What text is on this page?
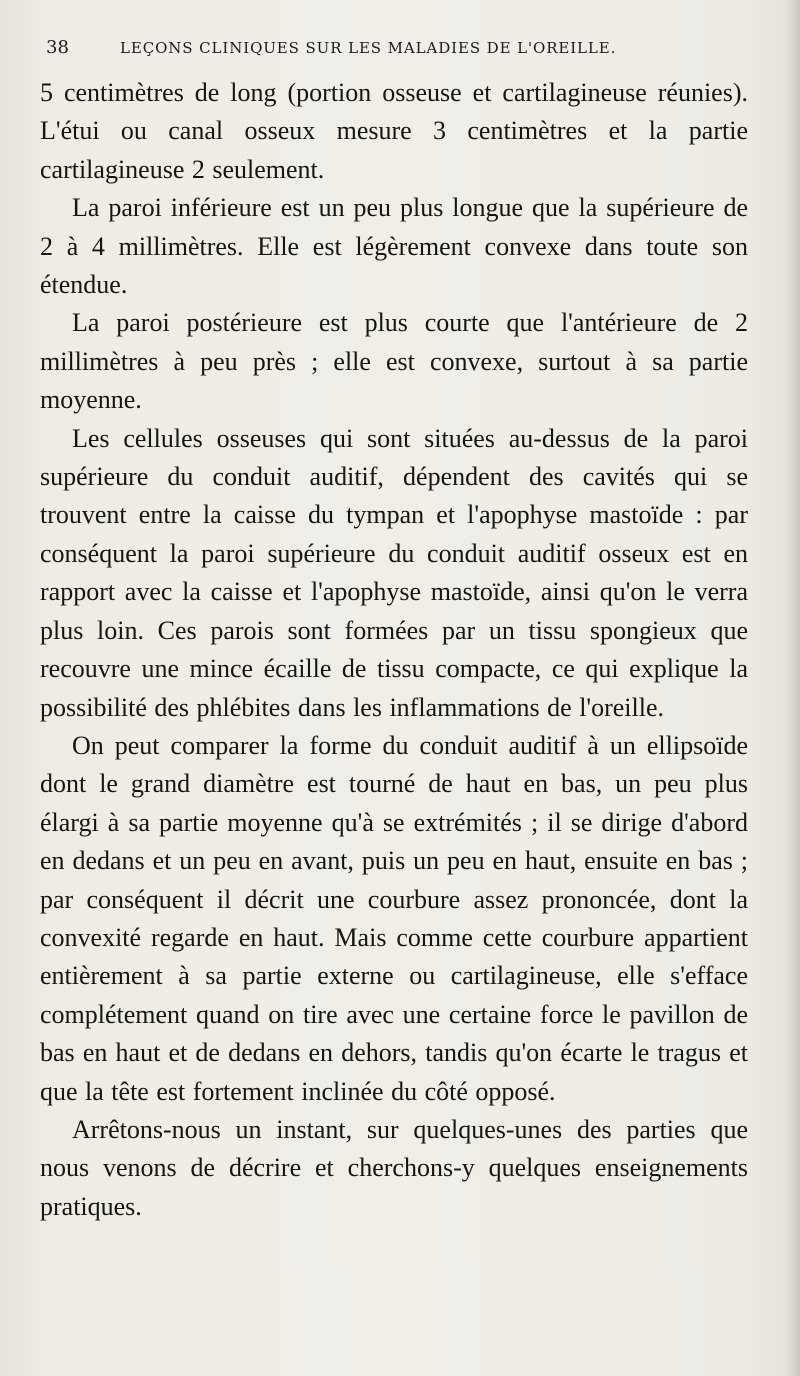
38	LEÇONS CLINIQUES SUR LES MALADIES DE L'OREILLE.

5 centimètres de long (portion osseuse et cartilagineuse réunies). L'étui ou canal osseux mesure 3 centimètres et la partie cartilagineuse 2 seulement.

La paroi inférieure est un peu plus longue que la supérieure de 2 à 4 millimètres. Elle est légèrement convexe dans toute son étendue.

La paroi postérieure est plus courte que l'antérieure de 2 millimètres à peu près ; elle est convexe, surtout à sa partie moyenne.

Les cellules osseuses qui sont situées au-dessus de la paroi supérieure du conduit auditif, dépendent des cavités qui se trouvent entre la caisse du tympan et l'apophyse mastoïde : par conséquent la paroi supérieure du conduit auditif osseux est en rapport avec la caisse et l'apophyse mastoïde, ainsi qu'on le verra plus loin. Ces parois sont formées par un tissu spongieux que recouvre une mince écaille de tissu compacte, ce qui explique la possibilité des phlébites dans les inflammations de l'oreille.

On peut comparer la forme du conduit auditif à un ellipsoïde dont le grand diamètre est tourné de haut en bas, un peu plus élargi à sa partie moyenne qu'à se extrémités ; il se dirige d'abord en dedans et un peu en avant, puis un peu en haut, ensuite en bas ; par conséquent il décrit une courbure assez prononcée, dont la convexité regarde en haut. Mais comme cette courbure appartient entièrement à sa partie externe ou cartilagineuse, elle s'efface complétement quand on tire avec une certaine force le pavillon de bas en haut et de dedans en dehors, tandis qu'on écarte le tragus et que la tête est fortement inclinée du côté opposé.

Arrêtons-nous un instant, sur quelques-unes des parties que nous venons de décrire et cherchons-y quelques enseignements pratiques.
